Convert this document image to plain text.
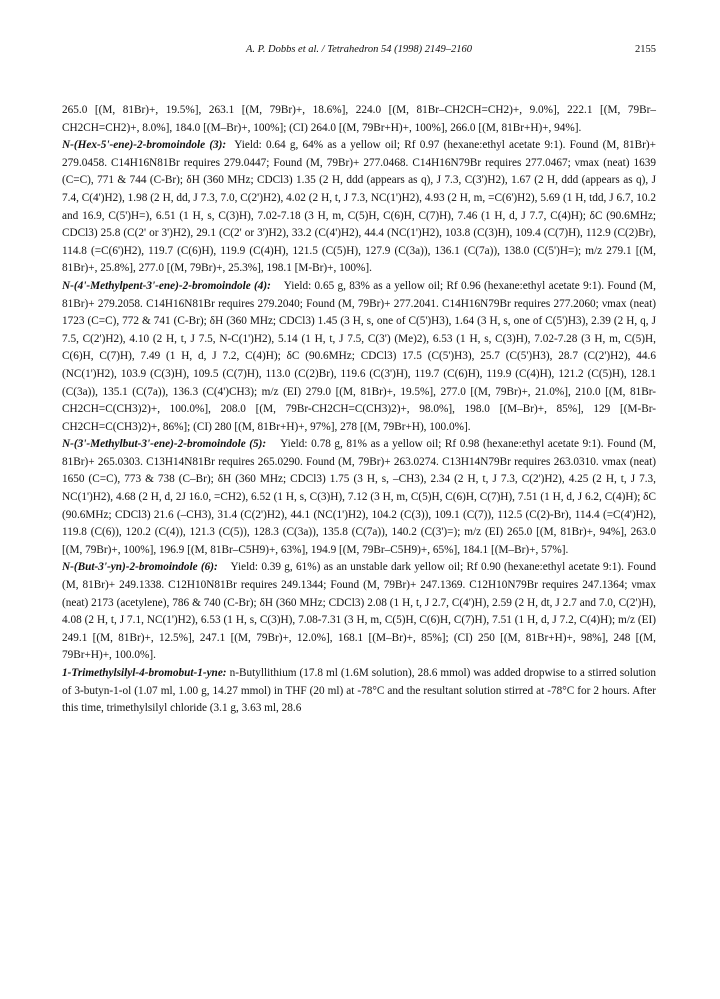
A. P. Dobbs et al. / Tetrahedron 54 (1998) 2149–2160	2155

265.0 [(M, 81Br)+, 19.5%], 263.1 [(M, 79Br)+, 18.6%], 224.0 [(M, 81Br–CH2CH=CH2)+, 9.0%], 222.1 [(M, 79Br–CH2CH=CH2)+, 8.0%], 184.0 [(M–Br)+, 100%]; (CI) 264.0 [(M, 79Br+H)+, 100%], 266.0 [(M, 81Br+H)+, 94%].

N-(Hex-5'-ene)-2-bromoindole (3): Yield: 0.64 g, 64% as a yellow oil; Rf 0.97 (hexane:ethyl acetate 9:1). Found (M, 81Br)+ 279.0458. C14H16N81Br requires 279.0447; Found (M, 79Br)+ 277.0468. C14H16N79Br requires 277.0467; νmax (neat) 1639 (C=C), 771 & 744 (C-Br); δH (360 MHz; CDCl3) 1.35 (2 H, ddd (appears as q), J 7.3, C(3')H2), 1.67 (2 H, ddd (appears as q), J 7.4, C(4')H2), 1.98 (2 H, dd, J 7.3, 7.0, C(2')H2), 4.02 (2 H, t, J 7.3, NC(1')H2), 4.93 (2 H, m, =C(6')H2), 5.69 (1 H, tdd, J 6.7, 10.2 and 16.9, C(5')H=), 6.51 (1 H, s, C(3)H), 7.02-7.18 (3 H, m, C(5)H, C(6)H, C(7)H), 7.46 (1 H, d, J 7.7, C(4)H); δC (90.6MHz; CDCl3) 25.8 (C(2' or 3')H2), 29.1 (C(2' or 3')H2), 33.2 (C(4')H2), 44.4 (NC(1')H2), 103.8 (C(3)H), 109.4 (C(7)H), 112.9 (C(2)Br), 114.8 (=C(6')H2), 119.7 (C(6)H), 119.9 (C(4)H), 121.5 (C(5)H), 127.9 (C(3a)), 136.1 (C(7a)), 138.0 (C(5')H=); m/z 279.1 [(M, 81Br)+, 25.8%], 277.0 [(M, 79Br)+, 25.3%], 198.1 [M-Br)+, 100%].

N-(4'-Methylpent-3'-ene)-2-bromoindole (4): Yield: 0.65 g, 83% as a yellow oil; Rf 0.96 (hexane:ethyl acetate 9:1). Found (M, 81Br)+ 279.2058. C14H16N81Br requires 279.2040; Found (M, 79Br)+ 277.2041. C14H16N79Br requires 277.2060; νmax (neat) 1723 (C=C), 772 & 741 (C-Br); δH (360 MHz; CDCl3) 1.45 (3 H, s, one of C(5')H3), 1.64 (3 H, s, one of C(5')H3), 2.39 (2 H, q, J 7.5, C(2')H2), 4.10 (2 H, t, J 7.5, N-C(1')H2), 5.14 (1 H, t, J 7.5, C(3') (Me)2), 6.53 (1 H, s, C(3)H), 7.02-7.28 (3 H, m, C(5)H, C(6)H, C(7)H), 7.49 (1 H, d, J 7.2, C(4)H); δC (90.6MHz; CDCl3) 17.5 (C(5')H3), 25.7 (C(5')H3), 28.7 (C(2')H2), 44.6 (NC(1')H2), 103.9 (C(3)H), 109.5 (C(7)H), 113.0 (C(2)Br), 119.6 (C(3')H), 119.7 (C(6)H), 119.9 (C(4)H), 121.2 (C(5)H), 128.1 (C(3a)), 135.1 (C(7a)), 136.3 (C(4')CH3); m/z (EI) 279.0 [(M, 81Br)+, 19.5%], 277.0 [(M, 79Br)+, 21.0%], 210.0 [(M, 81Br-CH2CH=C(CH3)2)+, 100.0%], 208.0 [(M, 79Br-CH2CH=C(CH3)2)+, 98.0%], 198.0 [(M–Br)+, 85%], 129 [(M-Br-CH2CH=C(CH3)2)+, 86%]; (CI) 280 [(M, 81Br+H)+, 97%], 278 [(M, 79Br+H), 100.0%].

N-(3'-Methylbut-3'-ene)-2-bromoindole (5): Yield: 0.78 g, 81% as a yellow oil; Rf 0.98 (hexane:ethyl acetate 9:1). Found (M, 81Br)+ 265.0303. C13H14N81Br requires 265.0290. Found (M, 79Br)+ 263.0274. C13H14N79Br requires 263.0310. νmax (neat) 1650 (C=C), 773 & 738 (C–Br); δH (360 MHz; CDCl3) 1.75 (3 H, s, –CH3), 2.34 (2 H, t, J 7.3, C(2')H2), 4.25 (2 H, t, J 7.3, NC(1')H2), 4.68 (2 H, d, 2J 16.0, =CH2), 6.52 (1 H, s, C(3)H), 7.12 (3 H, m, C(5)H, C(6)H, C(7)H), 7.51 (1 H, d, J 6.2, C(4)H); δC (90.6MHz; CDCl3) 21.6 (–CH3), 31.4 (C(2')H2), 44.1 (NC(1')H2), 104.2 (C(3)), 109.1 (C(7)), 112.5 (C(2)-Br), 114.4 (=C(4')H2), 119.8 (C(6)), 120.2 (C(4)), 121.3 (C(5)), 128.3 (C(3a)), 135.8 (C(7a)), 140.2 (C(3')=); m/z (EI) 265.0 [(M, 81Br)+, 94%], 263.0 [(M, 79Br)+, 100%], 196.9 [(M, 81Br–C5H9)+, 63%], 194.9 [(M, 79Br–C5H9)+, 65%], 184.1 [(M–Br)+, 57%].

N-(But-3'-yn)-2-bromoindole (6): Yield: 0.39 g, 61%) as an unstable dark yellow oil; Rf 0.90 (hexane:ethyl acetate 9:1). Found (M, 81Br)+ 249.1338. C12H10N81Br requires 249.1344; Found (M, 79Br)+ 247.1369. C12H10N79Br requires 247.1364; νmax (neat) 2173 (acetylene), 786 & 740 (C-Br); δH (360 MHz; CDCl3) 2.08 (1 H, t, J 2.7, C(4')H), 2.59 (2 H, dt, J 2.7 and 7.0, C(2')H), 4.08 (2 H, t, J 7.1, NC(1')H2), 6.53 (1 H, s, C(3)H), 7.08-7.31 (3 H, m, C(5)H, C(6)H, C(7)H), 7.51 (1 H, d, J 7.2, C(4)H); m/z (EI) 249.1 [(M, 81Br)+, 12.5%], 247.1 [(M, 79Br)+, 12.0%], 168.1 [(M–Br)+, 85%]; (CI) 250 [(M, 81Br+H)+, 98%], 248 [(M, 79Br+H)+, 100.0%].

1-Trimethylsilyl-4-bromobut-1-yne: n-Butyllithium (17.8 ml (1.6M solution), 28.6 mmol) was added dropwise to a stirred solution of 3-butyn-1-ol (1.07 ml, 1.00 g, 14.27 mmol) in THF (20 ml) at -78°C and the resultant solution stirred at -78°C for 2 hours. After this time, trimethylsilyl chloride (3.1 g, 3.63 ml, 28.6
